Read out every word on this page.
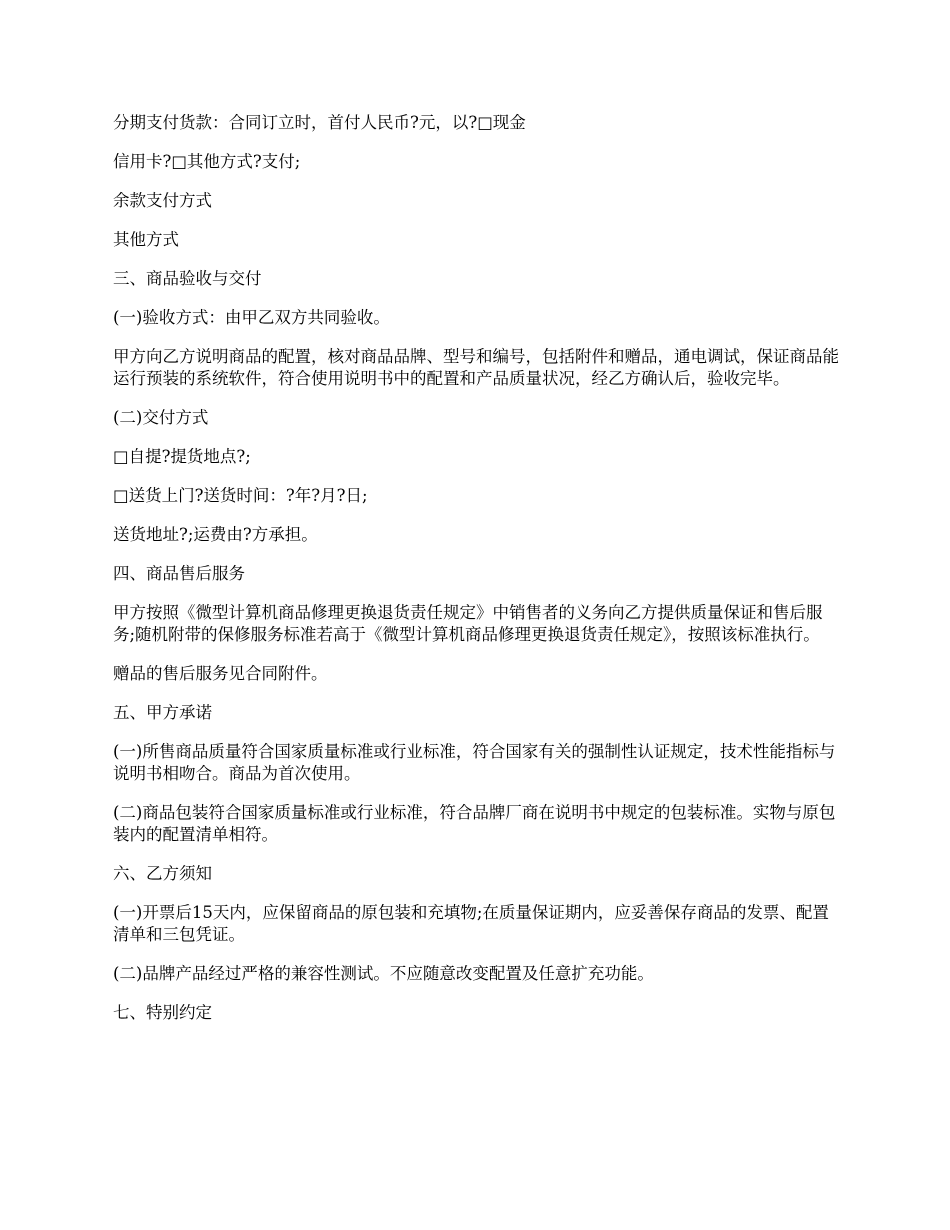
分期支付货款：合同订立时，首付人民币?元，以?□现金

信用卡?□其他方式?支付;

余款支付方式

其他方式

三、商品验收与交付

(一)验收方式：由甲乙双方共同验收。

甲方向乙方说明商品的配置，核对商品品牌、型号和编号，包括附件和赠品，通电调试，保证商品能运行预装的系统软件，符合使用说明书中的配置和产品质量状况，经乙方确认后，验收完毕。

(二)交付方式

□自提?提货地点?;

□送货上门?送货时间：?年?月?日;

送货地址?;运费由?方承担。

四、商品售后服务

甲方按照《微型计算机商品修理更换退货责任规定》中销售者的义务向乙方提供质量保证和售后服务;随机附带的保修服务标准若高于《微型计算机商品修理更换退货责任规定》，按照该标准执行。

赠品的售后服务见合同附件。

五、甲方承诺

(一)所售商品质量符合国家质量标准或行业标准，符合国家有关的强制性认证规定，技术性能指标与说明书相吻合。商品为首次使用。

(二)商品包装符合国家质量标准或行业标准，符合品牌厂商在说明书中规定的包装标准。实物与原包装内的配置清单相符。

六、乙方须知

(一)开票后15天内，应保留商品的原包装和充填物;在质量保证期内，应妥善保存商品的发票、配置清单和三包凭证。

(二)品牌产品经过严格的兼容性测试。不应随意改变配置及任意扩充功能。

七、特别约定
